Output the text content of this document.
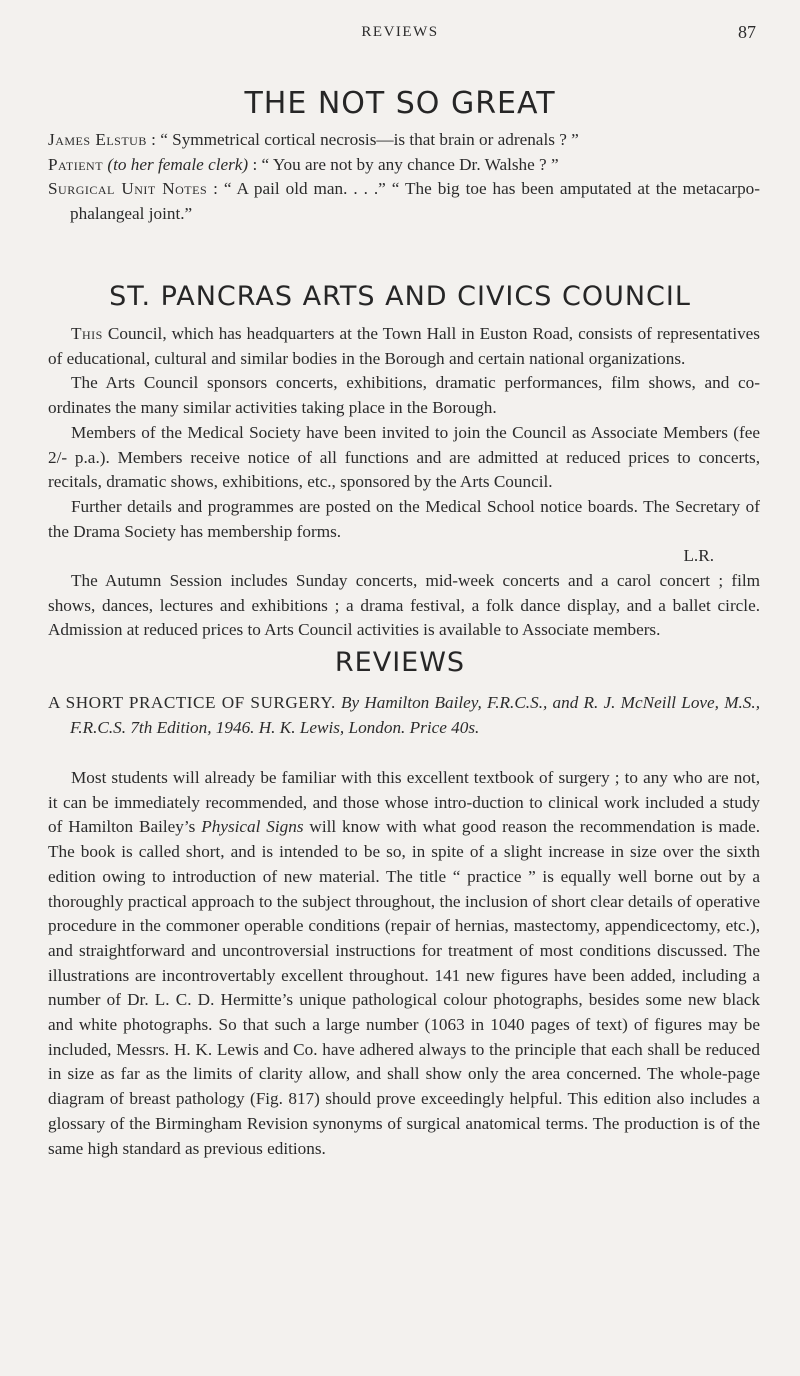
REVIEWS	87
THE NOT SO GREAT

James Elstub : “ Symmetrical cortical necrosis—is that brain or adrenals ? ”

Patient (to her female clerk) : “ You are not by any chance Dr. Walshe ? ”

Surgical Unit Notes : “ A pail old man. . . .” “ The big toe has been amputated at the metacarpo-phalangeal joint.”

ST. PANCRAS ARTS AND CIVICS COUNCIL

This Council, which has headquarters at the Town Hall in Euston Road, consists of representatives of educational, cultural and similar bodies in the Borough and certain national organizations.

The Arts Council sponsors concerts, exhibitions, dramatic performances, film shows, and co-ordinates the many similar activities taking place in the Borough.

Members of the Medical Society have been invited to join the Council as Associate Members (fee 2/- p.a.). Members receive notice of all functions and are admitted at reduced prices to concerts, recitals, dramatic shows, exhibitions, etc., sponsored by the Arts Council.

Further details and programmes are posted on the Medical School notice boards. The Secretary of the Drama Society has membership forms.

L.R.

The Autumn Session includes Sunday concerts, mid-week concerts and a carol concert ; film shows, dances, lectures and exhibitions ; a drama festival, a folk dance display, and a ballet circle. Admission at reduced prices to Arts Council activities is available to Associate members.

REVIEWS

A SHORT PRACTICE OF SURGERY. By Hamilton Bailey, F.R.C.S., and R. J. McNeill Love, M.S., F.R.C.S. 7th Edition, 1946. H. K. Lewis, London. Price 40s.

Most students will already be familiar with this excellent textbook of surgery ; to any who are not, it can be immediately recommended, and those whose intro-duction to clinical work included a study of Hamilton Bailey’s Physical Signs will know with what good reason the recommendation is made. The book is called short, and is intended to be so, in spite of a slight increase in size over the sixth edition owing to introduction of new material. The title “ practice ” is equally well borne out by a thoroughly practical approach to the subject throughout, the inclusion of short clear details of operative procedure in the commoner operable conditions (repair of hernias, mastectomy, appendicectomy, etc.), and straightforward and uncontroversial instructions for treatment of most conditions discussed. The illustrations are incontrovertably excellent throughout. 141 new figures have been added, including a number of Dr. L. C. D. Hermitte’s unique pathological colour photographs, besides some new black and white photographs. So that such a large number (1063 in 1040 pages of text) of figures may be included, Messrs. H. K. Lewis and Co. have adhered always to the principle that each shall be reduced in size as far as the limits of clarity allow, and shall show only the area concerned. The whole-page diagram of breast pathology (Fig. 817) should prove exceedingly helpful. This edition also includes a glossary of the Birmingham Revision synonyms of surgical anatomical terms. The production is of the same high standard as previous editions.
